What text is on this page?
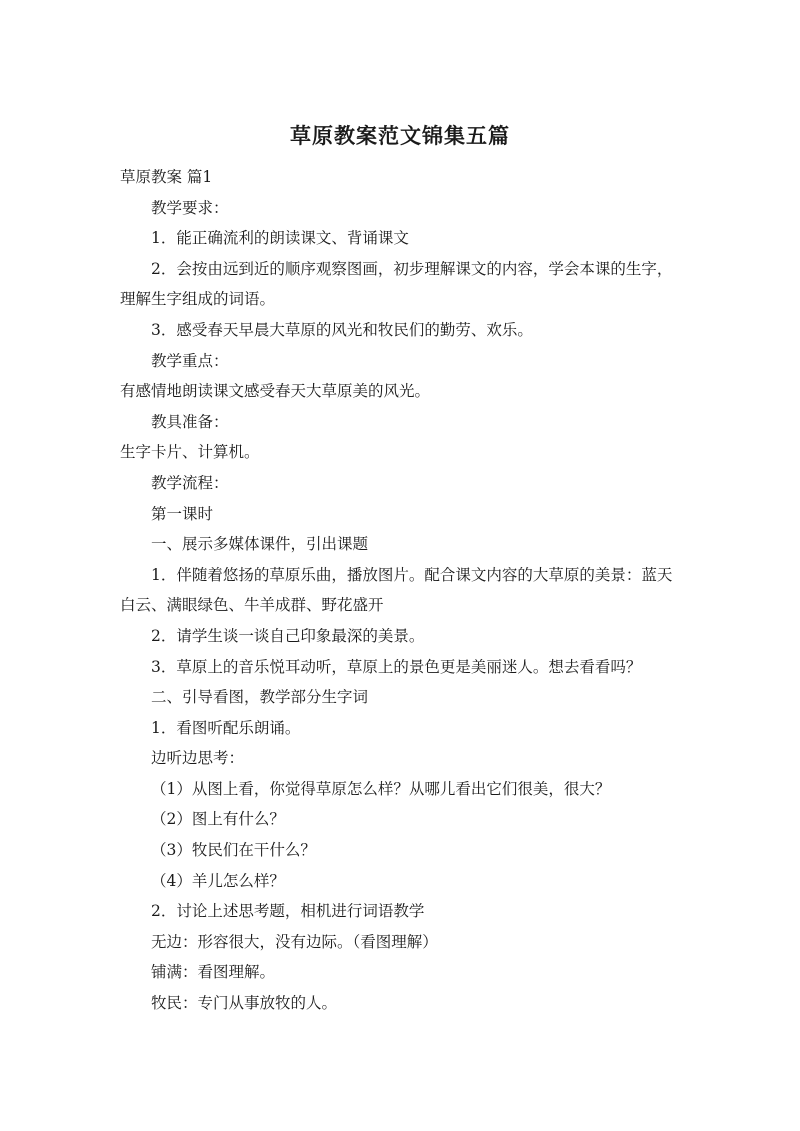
草原教案范文锦集五篇

草原教案 篇1

教学要求：

1．能正确流利的朗读课文、背诵课文

2．会按由远到近的顺序观察图画，初步理解课文的内容，学会本课的生字，理解生字组成的词语。

3．感受春天早晨大草原的风光和牧民们的勤劳、欢乐。

教学重点：

有感情地朗读课文感受春天大草原美的风光。

教具准备：

生字卡片、计算机。

教学流程：

第一课时

一、展示多媒体课件，引出课题

1．伴随着悠扬的草原乐曲，播放图片。配合课文内容的大草原的美景：蓝天白云、满眼绿色、牛羊成群、野花盛开

2．请学生谈一谈自己印象最深的美景。

3．草原上的音乐悦耳动听，草原上的景色更是美丽迷人。想去看看吗？

二、引导看图，教学部分生字词

1．看图听配乐朗诵。

边听边思考：

（1）从图上看，你觉得草原怎么样？从哪儿看出它们很美，很大？

（2）图上有什么？

（3）牧民们在干什么？

（4）羊儿怎么样？

2．讨论上述思考题，相机进行词语教学

无边：形容很大，没有边际。（看图理解）

铺满：看图理解。

牧民：专门从事放牧的人。
